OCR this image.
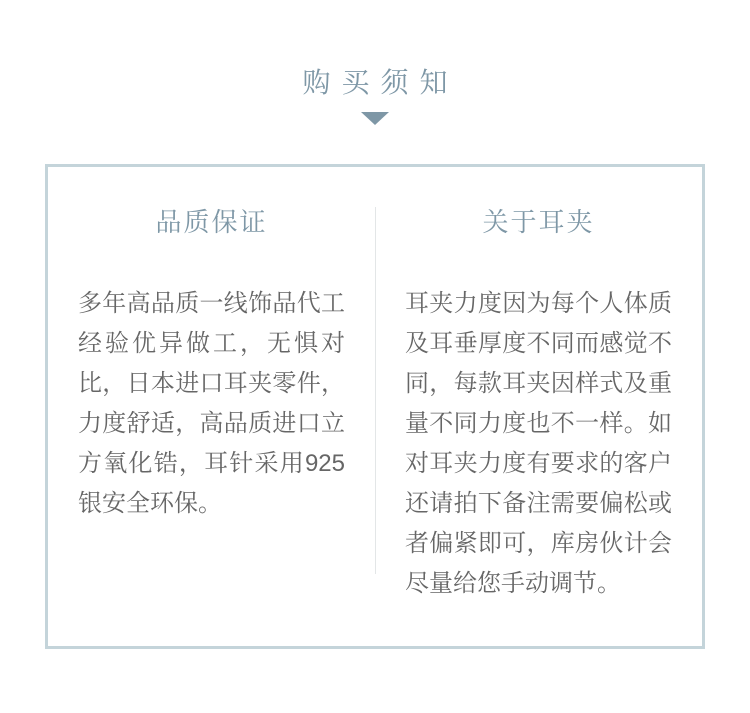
购买须知
品质保证
多年高品质一线饰品代工
经验优异做工，无惧对
比，日本进口耳夹零件，
力度舒适，高品质进口立
方氧化锆，耳针采用925
银安全环保。
关于耳夹
耳夹力度因为每个人体质
及耳垂厚度不同而感觉不
同，每款耳夹因样式及重
量不同力度也不一样。如
对耳夹力度有要求的客户
还请拍下备注需要偏松或
者偏紧即可，库房伙计会
尽量给您手动调节。
